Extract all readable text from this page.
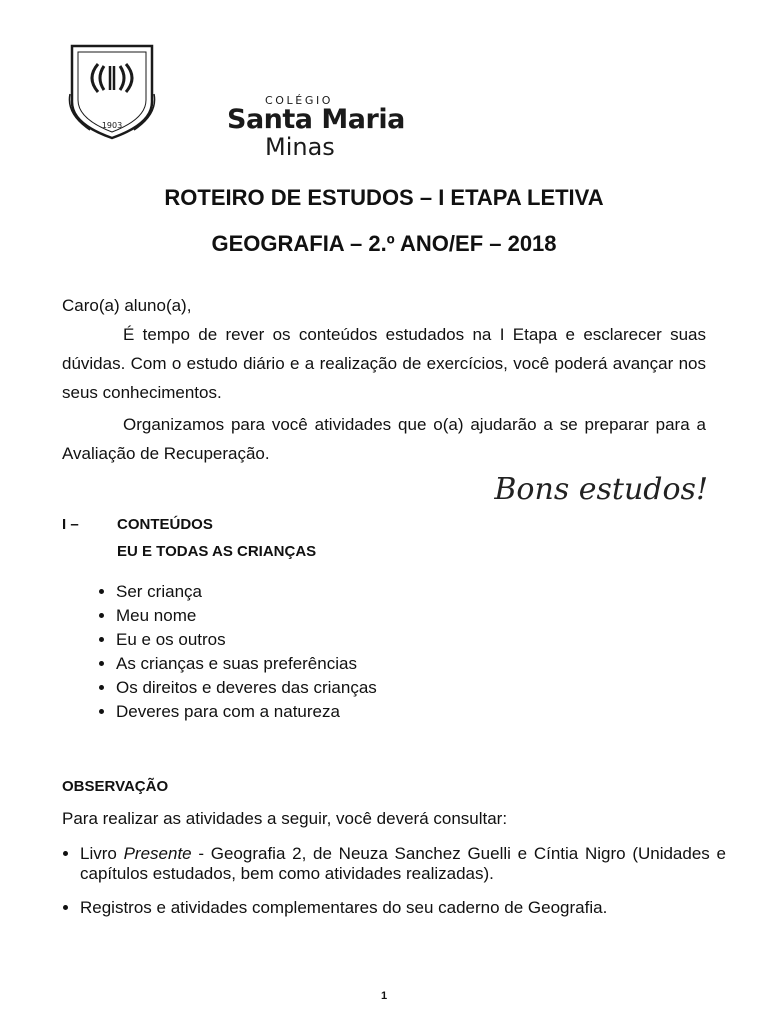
1903
COLÉGIO
Santa Maria
Minas
ROTEIRO DE ESTUDOS – I ETAPA LETIVA
GEOGRAFIA – 2.º ANO/EF – 2018
Caro(a) aluno(a),
É tempo de rever os conteúdos estudados na I Etapa e esclarecer suas dúvidas. Com o estudo diário e a realização de exercícios, você poderá avançar nos seus conhecimentos.
Organizamos para você atividades que o(a) ajudarão a se preparar para a Avaliação de Recuperação.
Bons estudos!
I –	CONTEÚDOS
EU E TODAS AS CRIANÇAS
• Ser criança
• Meu nome
• Eu e os outros
• As crianças e suas preferências
• Os direitos e deveres das crianças
• Deveres para com a natureza
OBSERVAÇÃO
Para realizar as atividades a seguir, você deverá consultar:
• Livro Presente - Geografia 2, de Neuza Sanchez Guelli e Cíntia Nigro (Unidades e capítulos estudados, bem como atividades realizadas).
• Registros e atividades complementares do seu caderno de Geografia.
1
